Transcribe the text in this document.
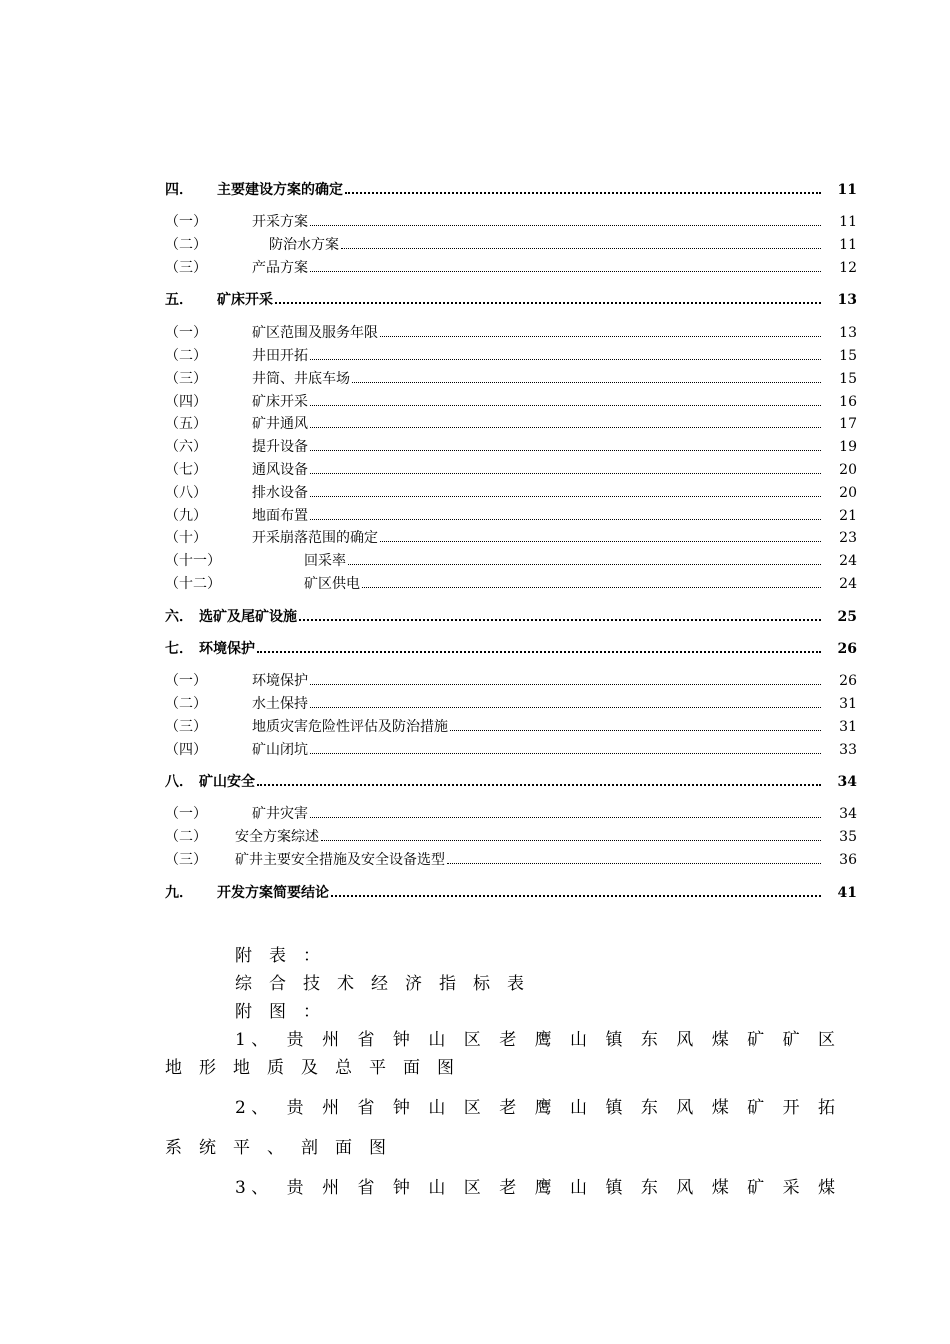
四．	主要建设方案的确定	11
（一）	开采方案	11
（二）	防治水方案	11
（三）	产品方案	12
五．	矿床开采	13
（一）	矿区范围及服务年限	13
（二）	井田开拓	15
（三）	井筒、井底车场	15
（四）	矿床开采	16
（五）	矿井通风	17
（六）	提升设备	19
（七）	通风设备	20
（八）	排水设备	20
（九）	地面布置	21
（十）	开采崩落范围的确定	23
（十一）	回采率	24
（十二）	矿区供电	24
六． 选矿及尾矿设施	25
七． 环境保护	26
（一）	环境保护	26
（二）	水土保持	31
（三）	地质灾害危险性评估及防治措施	31
（四）	矿山闭坑	33
八． 矿山安全	34
（一）	矿井灾害	34
（二）	安全方案综述	35
（三）	矿井主要安全措施及安全设备选型	36
九．	开发方案简要结论	41
附表：
综合技术经济指标表
附图：
1 、 贵 州 省 钟 山 区 老 鹰 山 镇 东 风 煤 矿 矿 区
地形地质及总平面图
2 、 贵 州 省 钟 山 区 老 鹰 山 镇 东 风 煤 矿 开 拓
系统平、剖面图
3 、 贵 州 省 钟 山 区 老 鹰 山 镇 东 风 煤 矿 采 煤
